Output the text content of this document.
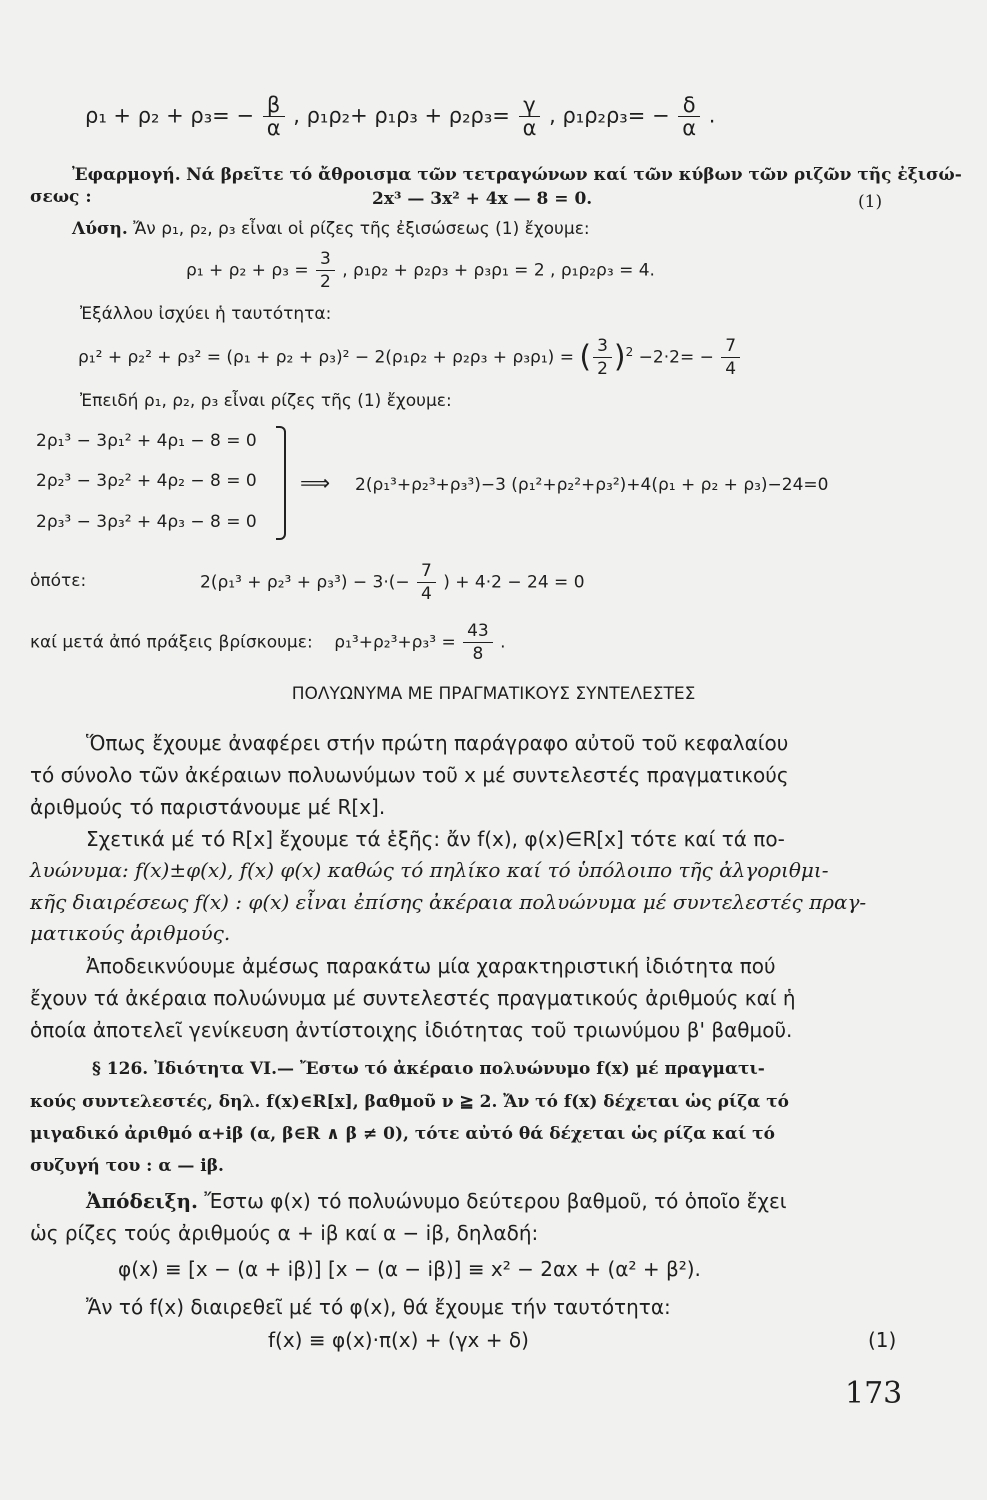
$\rho_1 + \rho_2 + \rho_3= - \frac{\beta}{\alpha}$ , $\rho_1\rho_2+ \rho_1\rho_3 + \rho_2\rho_3= \frac{\gamma}{\alpha}$ , $\rho_1\rho_2\rho_3= - \frac{\delta}{\alpha}$ .
Ἐφαρμογή. Νά βρεῖτε τό ἄθροισμα τῶν τετραγώνων καί τῶν κύβων τῶν ριζῶν τῆς ἐξισώ-
σεως :	2x³ — 3x² + 4x — 8 = 0.	(1)
Λύση. Ἄν ρ₁, ρ₂, ρ₃ εἶναι οἱ ρίζες τῆς ἐξισώσεως (1) ἔχουμε:
$\rho_1 + \rho_2 + \rho_3 = \frac{3}{2}$ , ρ₁ρ₂ + ρ₂ρ₃ + ρ₃ρ₁ = 2 , ρ₁ρ₂ρ₃ = 4.
Ἐξάλλου ἰσχύει ἡ ταυτότητα:
ρ₁² + ρ₂² + ρ₃² = (ρ₁ + ρ₂ + ρ₃)² − 2(ρ₁ρ₂ + ρ₂ρ₃ + ρ₃ρ₁) = ( $\frac{3}{2} )^2 -2\cdot 2= - \frac{7}{4}$
Ἐπειδή ρ₁, ρ₂, ρ₃ εἶναι ρίζες τῆς (1) ἔχουμε:
2ρ₁³ − 3ρ₁² + 4ρ₁ − 8 = 0
2ρ₂³ − 3ρ₂² + 4ρ₂ − 8 = 0
2ρ₃³ − 3ρ₃² + 4ρ₃ − 8 = 0
⟹ 2(ρ₁³+ρ₂³+ρ₃³)−3 (ρ₁²+ρ₂²+ρ₃²)+4(ρ₁ + ρ₂ + ρ₃)−24=0
ὁπότε:	$2(\rho_1^3 + \rho_2^3 + \rho_3^3) - 3\cdot(- \frac{7}{4}$ ) + 4·2 − 24 = 0
καί μετά ἀπό πράξεις βρίσκουμε: $\rho_1^3+\rho_2^3+\rho_3^3 = \frac{43}{8}$ .
ΠΟΛΥΩΝΥΜΑ ΜΕ ΠΡΑΓΜΑΤΙΚΟΥΣ ΣΥΝΤΕΛΕΣΤΕΣ
Ὅπως ἔχουμε ἀναφέρει στήν πρώτη παράγραφο αὐτοῦ τοῦ κεφαλαίου
τό σύνολο τῶν ἀκέραιων πολυωνύμων τοῦ x μέ συντελεστές πραγματικούς
ἀριθμούς τό παριστάνουμε μέ R[x].
Σχετικά μέ τό R[x] ἔχουμε τά ἑξῆς: ἄν f(x), φ(x)∈R[x] τότε καί τά πο-
λυώνυμα: f(x)±φ(x), f(x) φ(x) καθώς τό πηλίκο καί τό ὑπόλοιπο τῆς ἀλγοριθμι-
κῆς διαιρέσεως f(x) : φ(x) εἶναι ἐπίσης ἀκέραια πολυώνυμα μέ συντελεστές πραγ-
ματικούς ἀριθμούς.
Ἀποδεικνύουμε ἀμέσως παρακάτω μία χαρακτηριστική ἰδιότητα πού
ἔχουν τά ἀκέραια πολυώνυμα μέ συντελεστές πραγματικούς ἀριθμούς καί ἡ
ὁποία ἀποτελεῖ γενίκευση ἀντίστοιχης ἰδιότητας τοῦ τριωνύμου β' βαθμοῦ.
§ 126. Ἰδιότητα VI.— Ἔστω τό ἀκέραιο πολυώνυμο f(x) μέ πραγματι-
κούς συντελεστές, δηλ. f(x)∈R[x], βαθμοῦ ν ≧ 2. Ἄν τό f(x) δέχεται ὡς ρίζα τό
μιγαδικό ἀριθμό α+iβ (α, β∈R ∧ β ≠ 0), τότε αὐτό θά δέχεται ὡς ρίζα καί τό
συζυγή του : α — iβ.
Ἀπόδειξη. Ἔστω φ(x) τό πολυώνυμο δεύτερου βαθμοῦ, τό ὁποῖο ἔχει
ὡς ρίζες τούς ἀριθμούς α + iβ καί α − iβ, δηλαδή:
φ(x) ≡ [x − (α + iβ)] [x − (α − iβ)] ≡ x² − 2αx + (α² + β²).
Ἄν τό f(x) διαιρεθεῖ μέ τό φ(x), θά ἔχουμε τήν ταυτότητα:
f(x) ≡ φ(x)·π(x) + (γx + δ)	(1)
173
